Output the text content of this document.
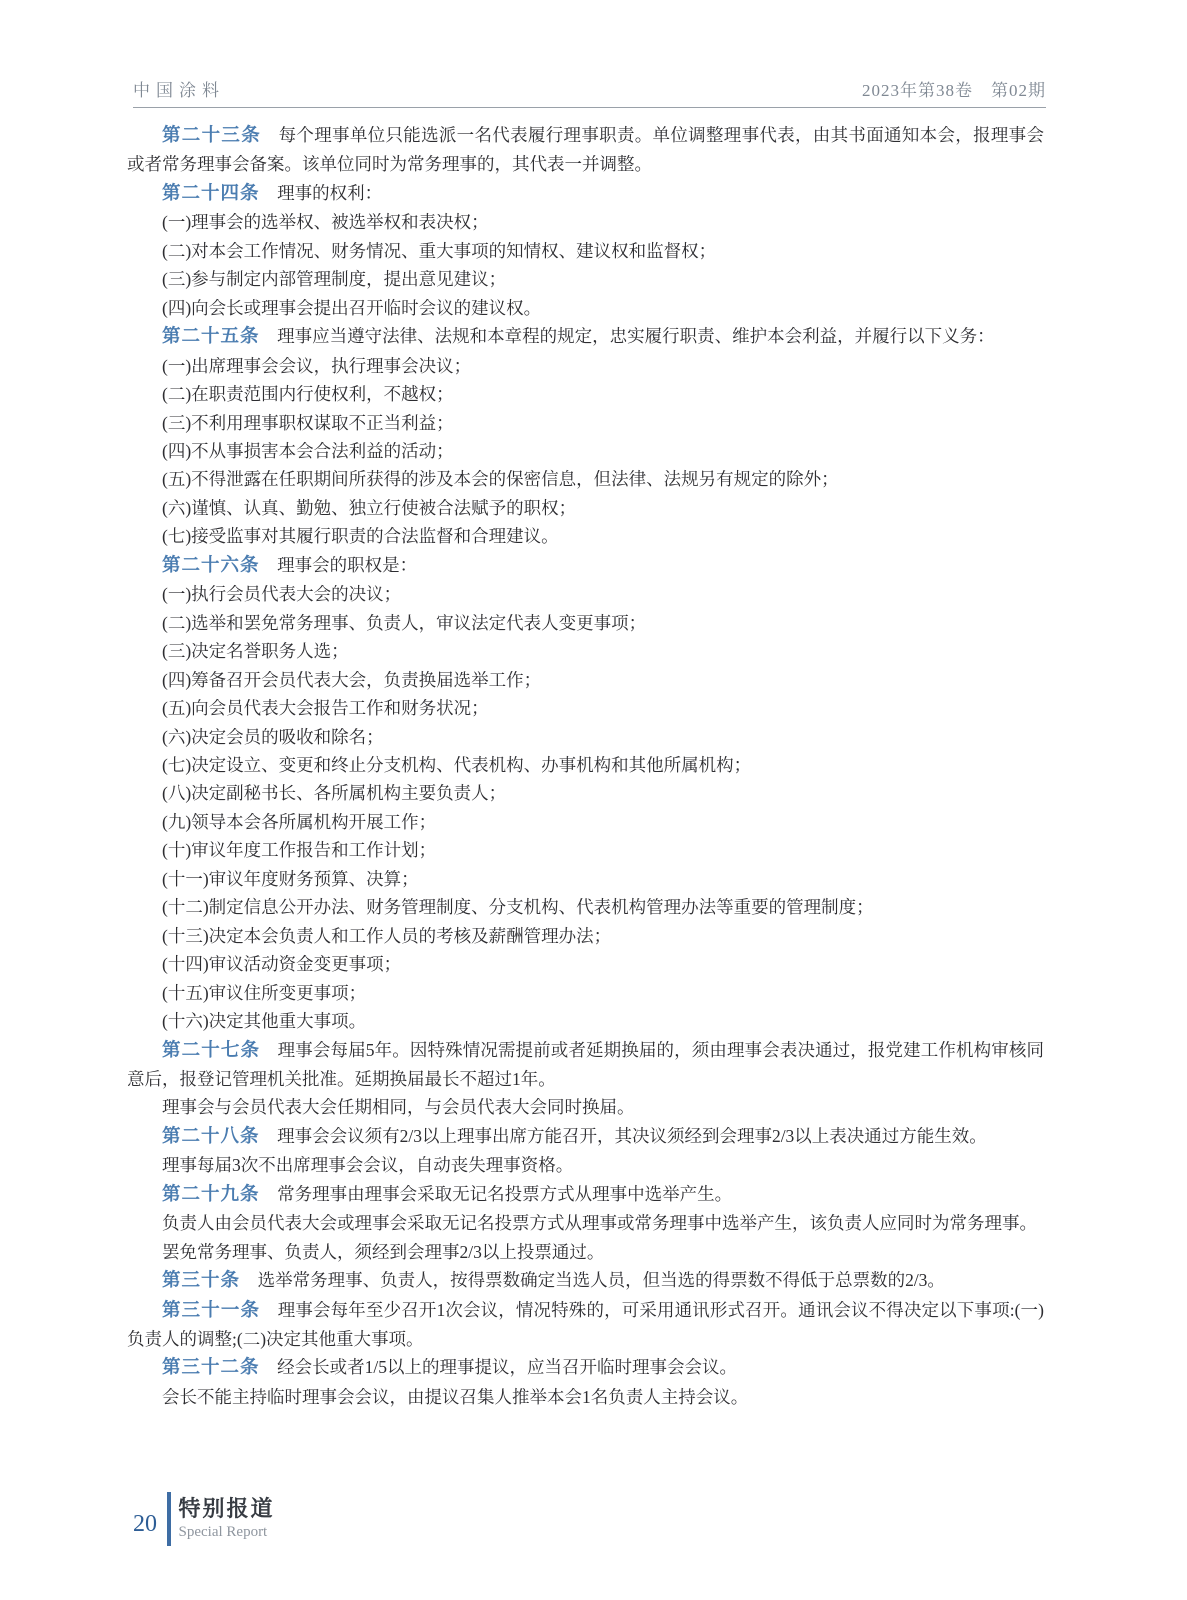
中国涂料	2023年第38卷　第02期

第二十三条 每个理事单位只能选派一名代表履行理事职责。单位调整理事代表，由其书面通知本会，报理事会或者常务理事会备案。该单位同时为常务理事的，其代表一并调整。

第二十四条 理事的权利：

(一)理事会的选举权、被选举权和表决权；

(二)对本会工作情况、财务情况、重大事项的知情权、建议权和监督权；

(三)参与制定内部管理制度，提出意见建议；

(四)向会长或理事会提出召开临时会议的建议权。

第二十五条 理事应当遵守法律、法规和本章程的规定，忠实履行职责、维护本会利益，并履行以下义务：

(一)出席理事会会议，执行理事会决议；

(二)在职责范围内行使权利，不越权；

(三)不利用理事职权谋取不正当利益；

(四)不从事损害本会合法利益的活动；

(五)不得泄露在任职期间所获得的涉及本会的保密信息，但法律、法规另有规定的除外；

(六)谨慎、认真、勤勉、独立行使被合法赋予的职权；

(七)接受监事对其履行职责的合法监督和合理建议。

第二十六条 理事会的职权是：

(一)执行会员代表大会的决议；

(二)选举和罢免常务理事、负责人，审议法定代表人变更事项；

(三)决定名誉职务人选；

(四)筹备召开会员代表大会，负责换届选举工作；

(五)向会员代表大会报告工作和财务状况；

(六)决定会员的吸收和除名；

(七)决定设立、变更和终止分支机构、代表机构、办事机构和其他所属机构；

(八)决定副秘书长、各所属机构主要负责人；

(九)领导本会各所属机构开展工作；

(十)审议年度工作报告和工作计划；

(十一)审议年度财务预算、决算；

(十二)制定信息公开办法、财务管理制度、分支机构、代表机构管理办法等重要的管理制度；

(十三)决定本会负责人和工作人员的考核及薪酬管理办法；

(十四)审议活动资金变更事项；

(十五)审议住所变更事项；

(十六)决定其他重大事项。

第二十七条 理事会每届5年。因特殊情况需提前或者延期换届的，须由理事会表决通过，报党建工作机构审核同意后，报登记管理机关批准。延期换届最长不超过1年。

理事会与会员代表大会任期相同，与会员代表大会同时换届。

第二十八条 理事会会议须有2/3以上理事出席方能召开，其决议须经到会理事2/3以上表决通过方能生效。

理事每届3次不出席理事会会议，自动丧失理事资格。

第二十九条 常务理事由理事会采取无记名投票方式从理事中选举产生。

负责人由会员代表大会或理事会采取无记名投票方式从理事或常务理事中选举产生，该负责人应同时为常务理事。

罢免常务理事、负责人，须经到会理事2/3以上投票通过。

第三十条 选举常务理事、负责人，按得票数确定当选人员，但当选的得票数不得低于总票数的2/3。

第三十一条 理事会每年至少召开1次会议，情况特殊的，可采用通讯形式召开。通讯会议不得决定以下事项:(一)负责人的调整;(二)决定其他重大事项。

第三十二条 经会长或者1/5以上的理事提议，应当召开临时理事会会议。

会长不能主持临时理事会会议，由提议召集人推举本会1名负责人主持会议。

20
特别报道
Special Report
